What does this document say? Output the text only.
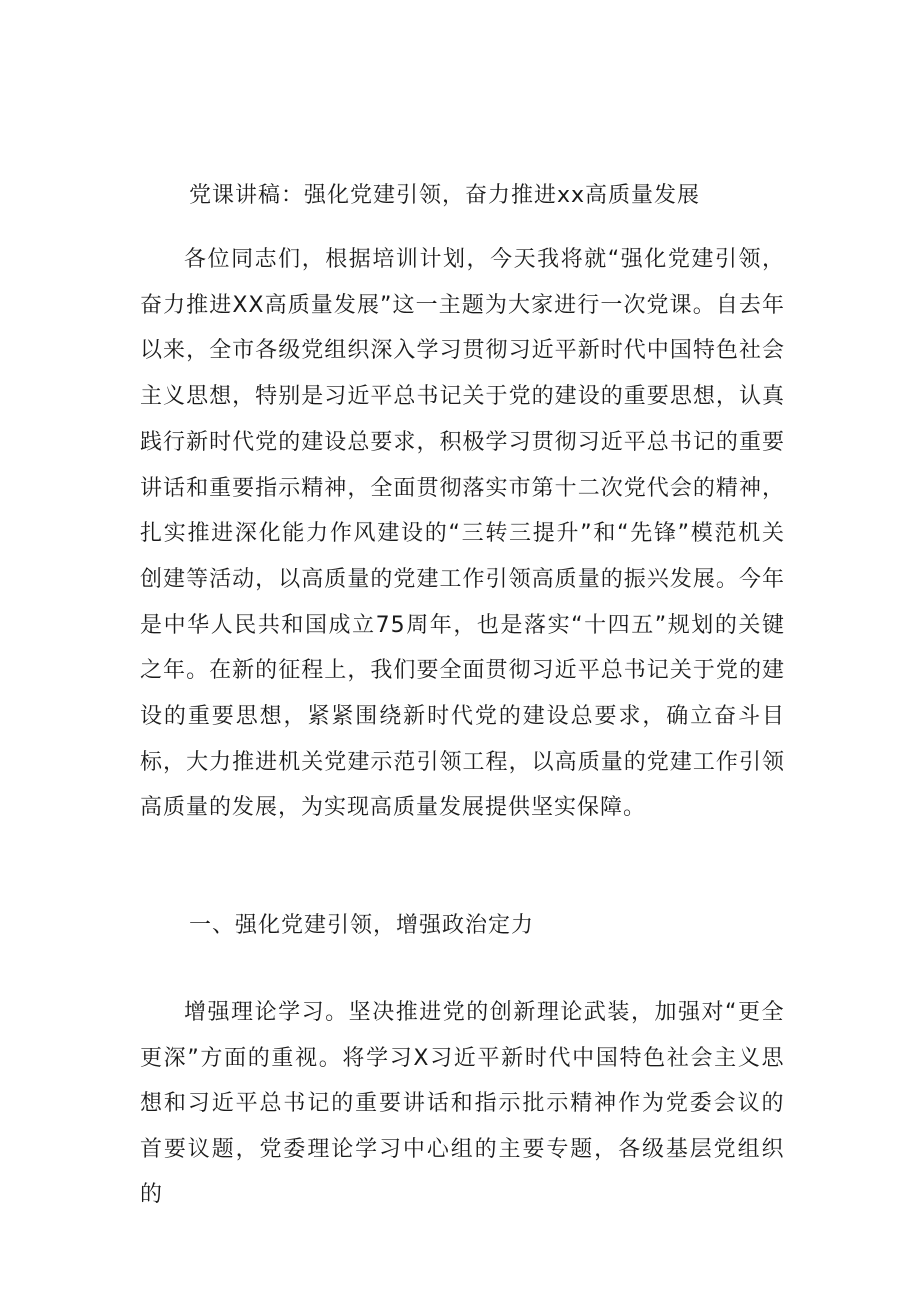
党课讲稿：强化党建引领，奋力推进xx高质量发展
各位同志们，根据培训计划，今天我将就“强化党建引领，奋力推进XX高质量发展”这一主题为大家进行一次党课。自去年以来，全市各级党组织深入学习贯彻习近平新时代中国特色社会主义思想，特别是习近平总书记关于党的建设的重要思想，认真践行新时代党的建设总要求，积极学习贯彻习近平总书记的重要讲话和重要指示精神，全面贯彻落实市第十二次党代会的精神，扎实推进深化能力作风建设的“三转三提升”和“先锋”模范机关创建等活动，以高质量的党建工作引领高质量的振兴发展。今年是中华人民共和国成立75周年，也是落实“十四五”规划的关键之年。在新的征程上，我们要全面贯彻习近平总书记关于党的建设的重要思想，紧紧围绕新时代党的建设总要求，确立奋斗目标，大力推进机关党建示范引领工程，以高质量的党建工作引领高质量的发展，为实现高质量发展提供坚实保障。
一、强化党建引领，增强政治定力
增强理论学习。坚决推进党的创新理论武装，加强对“更全更深”方面的重视。将学习X习近平新时代中国特色社会主义思想和习近平总书记的重要讲话和指示批示精神作为党委会议的首要议题，党委理论学习中心组的主要专题，各级基层党组织的
